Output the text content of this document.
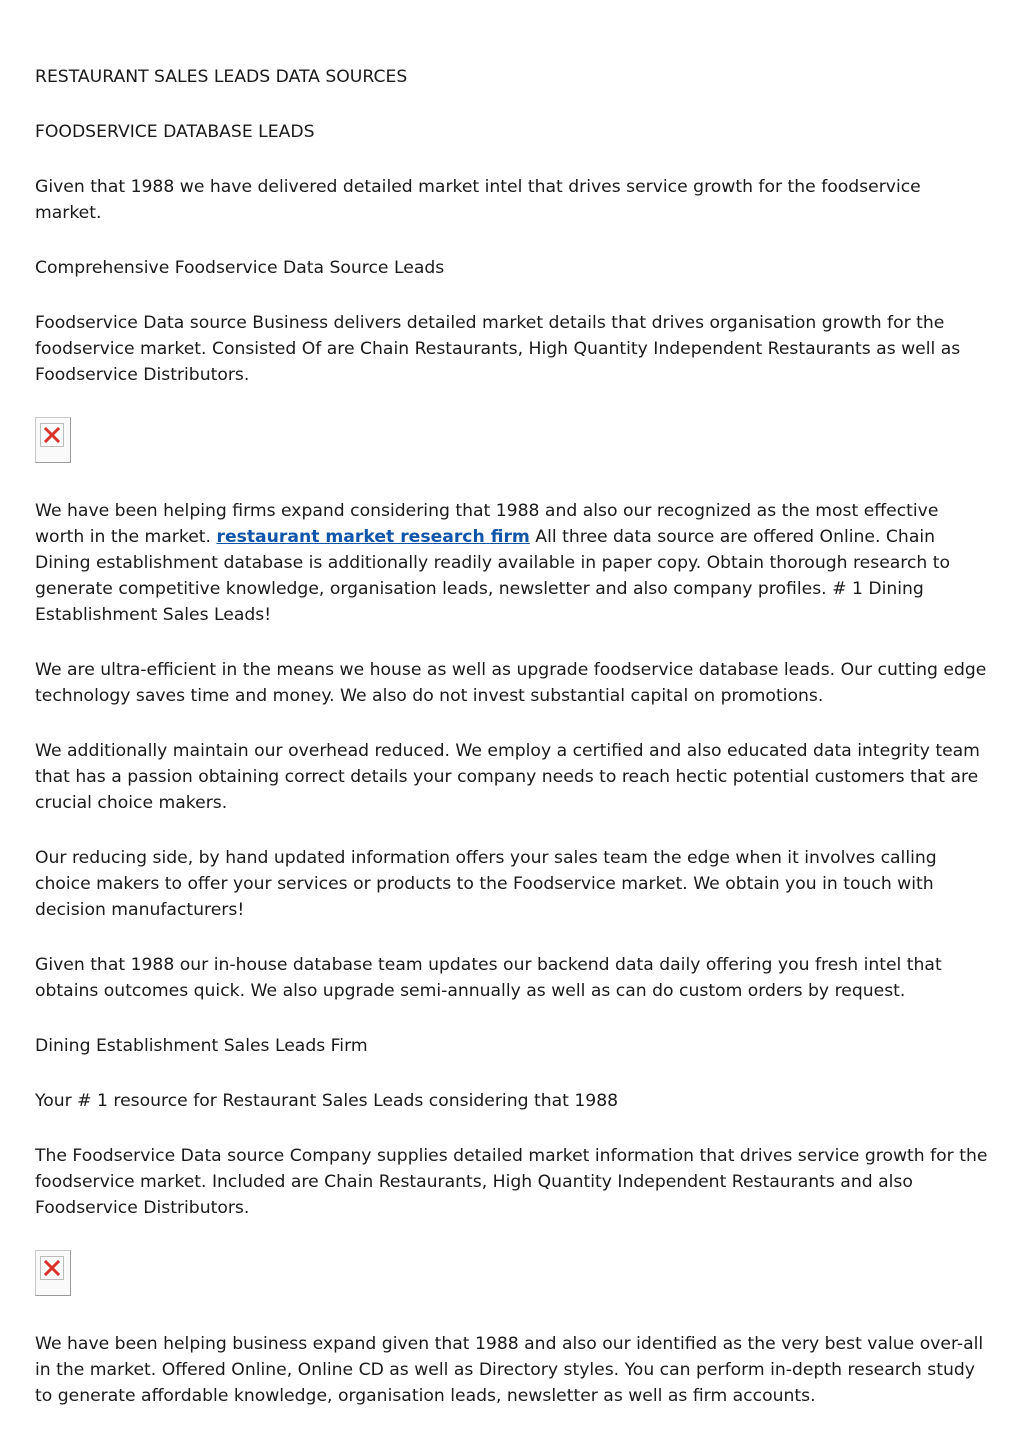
RESTAURANT SALES LEADS DATA SOURCES

FOODSERVICE DATABASE LEADS

Given that 1988 we have delivered detailed market intel that drives service growth for the foodservice market.

Comprehensive Foodservice Data Source Leads

Foodservice Data source Business delivers detailed market details that drives organisation growth for the foodservice market. Consisted Of are Chain Restaurants, High Quantity Independent Restaurants as well as Foodservice Distributors.

We have been helping firms expand considering that 1988 and also our recognized as the most effective worth in the market. restaurant market research firm All three data source are offered Online. Chain Dining establishment database is additionally readily available in paper copy. Obtain thorough research to generate competitive knowledge, organisation leads, newsletter and also company profiles. # 1 Dining Establishment Sales Leads!

We are ultra-efficient in the means we house as well as upgrade foodservice database leads. Our cutting edge technology saves time and money. We also do not invest substantial capital on promotions.

We additionally maintain our overhead reduced. We employ a certified and also educated data integrity team that has a passion obtaining correct details your company needs to reach hectic potential customers that are crucial choice makers.

Our reducing side, by hand updated information offers your sales team the edge when it involves calling choice makers to offer your services or products to the Foodservice market. We obtain you in touch with decision manufacturers!

Given that 1988 our in-house database team updates our backend data daily offering you fresh intel that obtains outcomes quick. We also upgrade semi-annually as well as can do custom orders by request.

Dining Establishment Sales Leads Firm

Your # 1 resource for Restaurant Sales Leads considering that 1988

The Foodservice Data source Company supplies detailed market information that drives service growth for the foodservice market. Included are Chain Restaurants, High Quantity Independent Restaurants and also Foodservice Distributors.

We have been helping business expand given that 1988 and also our identified as the very best value over-all in the market. Offered Online, Online CD as well as Directory styles. You can perform in-depth research study to generate affordable knowledge, organisation leads, newsletter as well as firm accounts.
